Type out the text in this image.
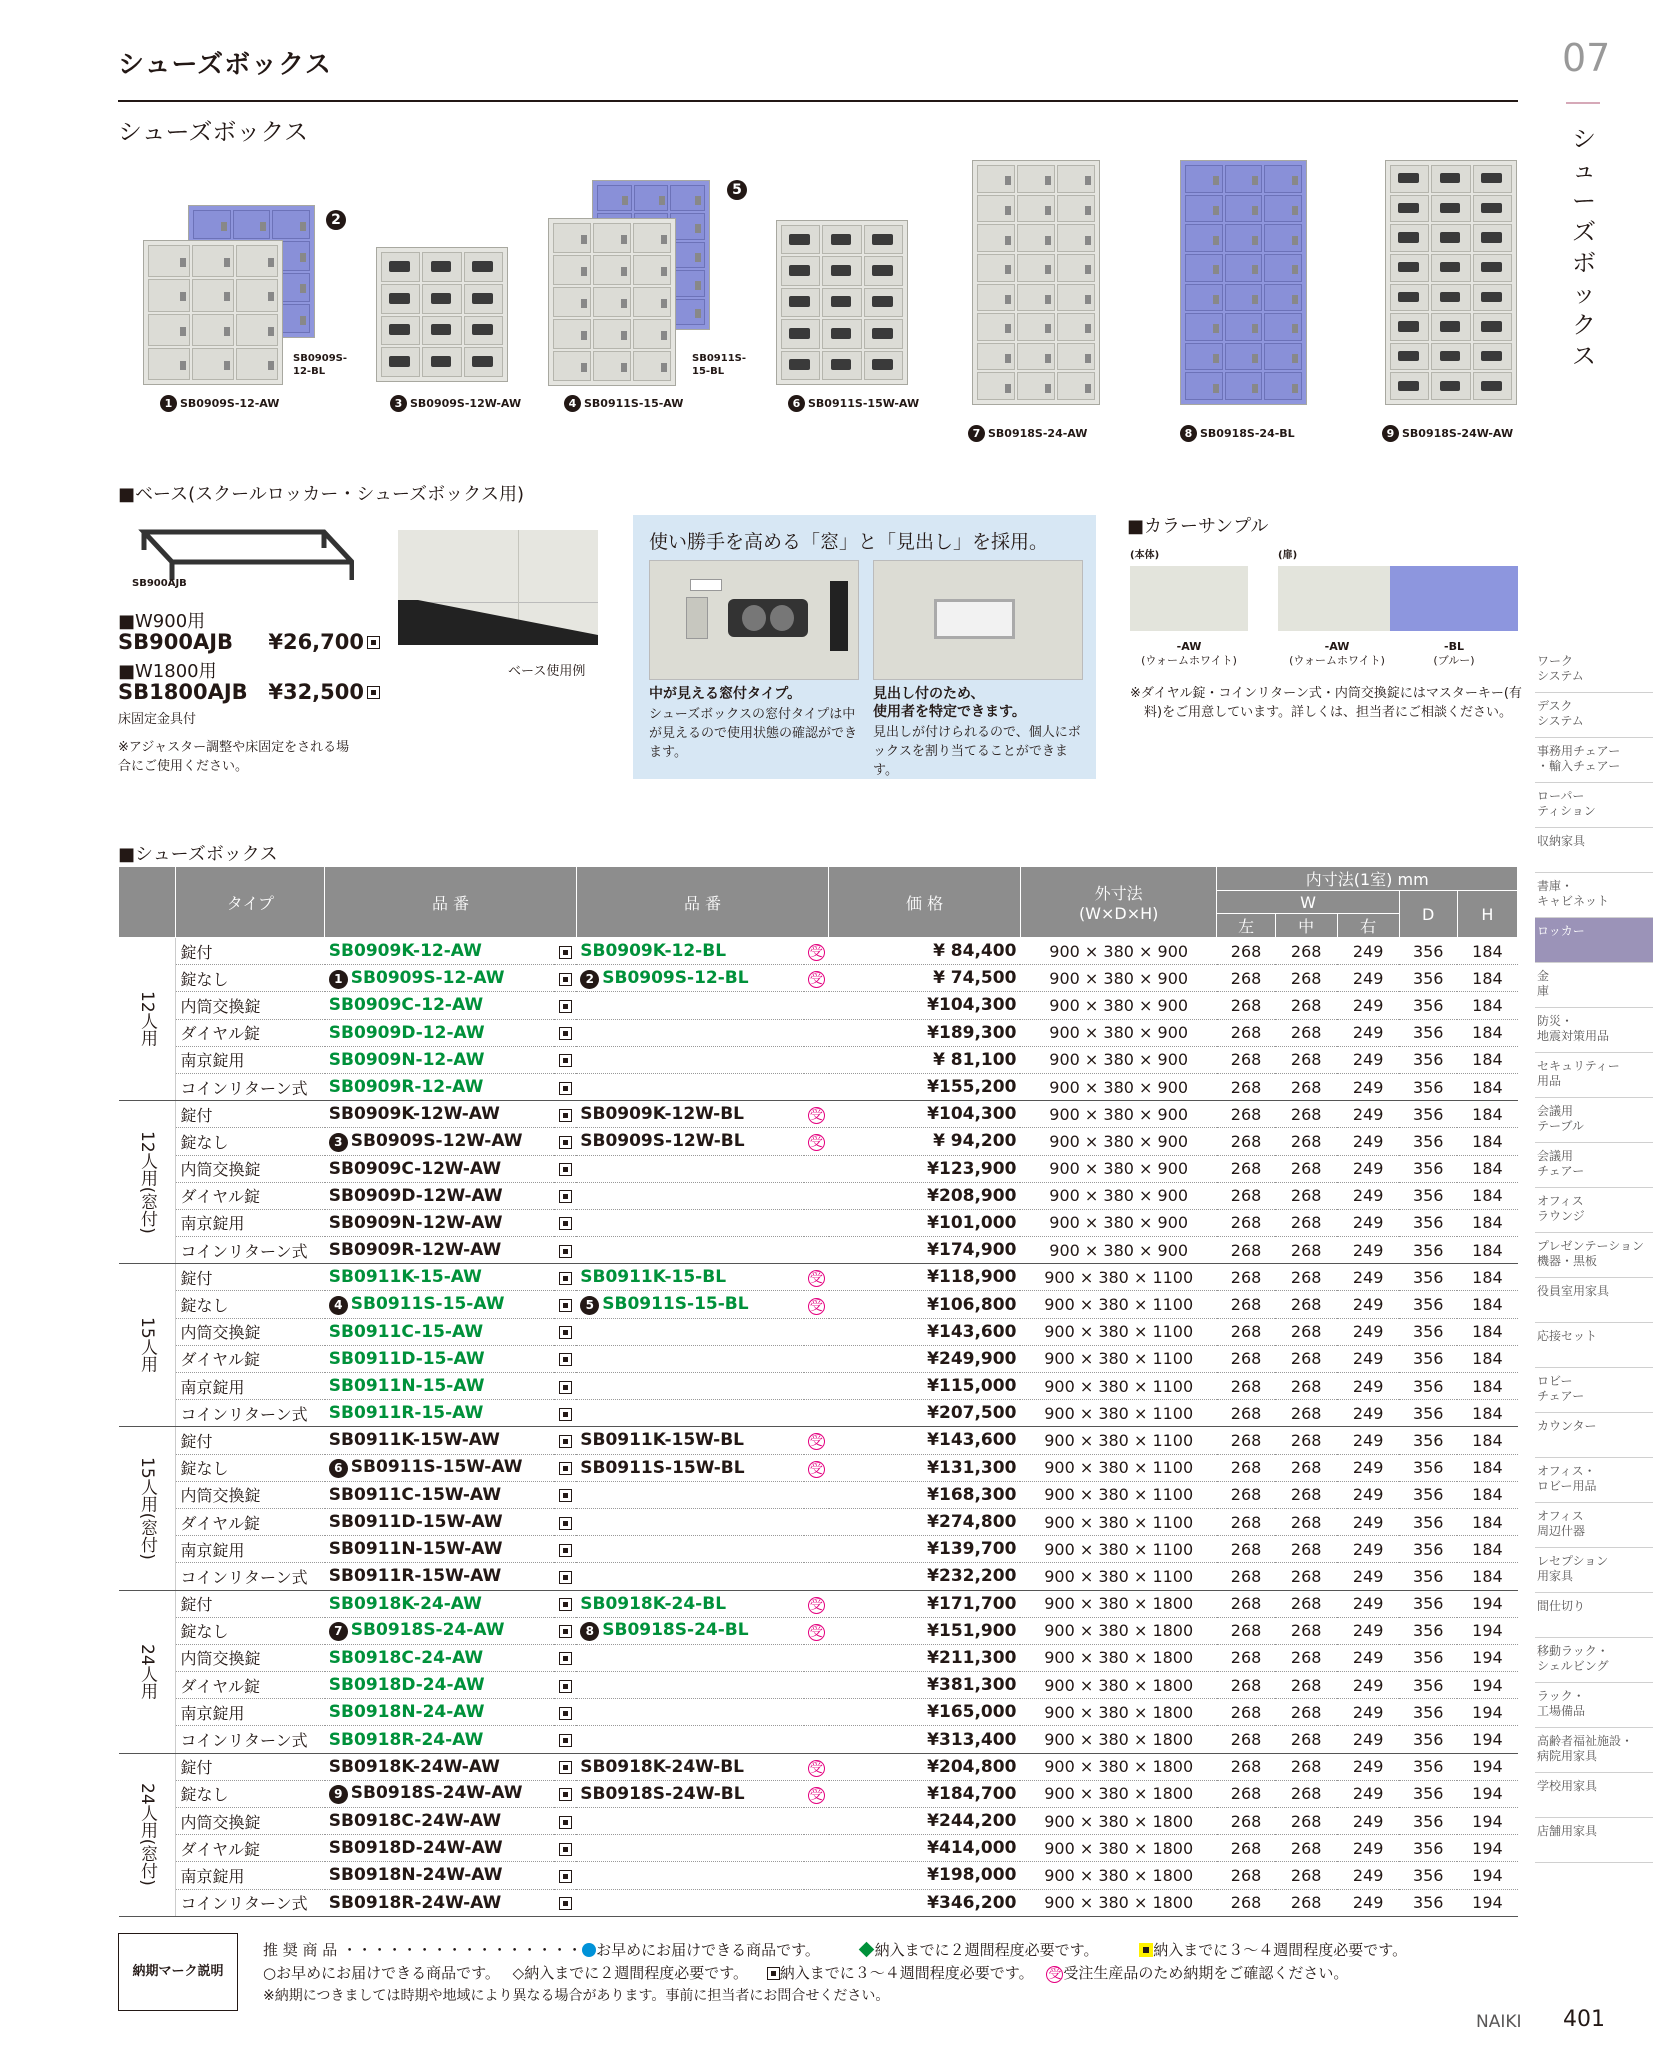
シューズボックス	07
シ
ュ
ー
ズ
ボ
ッ
ク
ス
シューズボックス
2
5
SB0909S-12-BL
SB0911S-15-BL
1 SB0909S-12-AW	3 SB0909S-12W-AW	4 SB0911S-15-AW	6 SB0911S-15W-AW
7 SB0918S-24-AW	8 SB0918S-24-BL	9 SB0918S-24W-AW
■ベース(スクールロッカー・シューズボックス用)
SB900AJB
■W900用
SB900AJB ¥26,700
■W1800用
SB1800AJB ¥32,500
床固定金具付
※アジャスター調整や床固定をされる場合にご使用ください。
ベース使用例
使い勝手を高める「窓」と「見出し」を採用。
中が見える窓付タイプ。
シューズボックスの窓付タイプは中が見えるので使用状態の確認ができます。
見出し付のため、
使用者を特定できます。
見出しが付けられるので、個人にボックスを割り当てることができます。
■カラーサンプル
(本体)	(扉)
-AW
(ウォームホワイト)
-AW
(ウォームホワイト)
-BL
(ブルー)
※ダイヤル錠・コインリターン式・内筒交換錠にはマスターキー(有料)をご用意しています。詳しくは、担当者にご相談ください。
■シューズボックス
	タイプ	品 番		品 番		価 格	外寸法
(W×D×H)	内寸法(1室) mm				
								W			D	H
								左	中	右		
12人用	錠付	SB0909K-12-AW		SB0909K-12-BL	受	¥ 84,400	900 × 380 × 900	268	268	249	356	184
	錠なし	1 SB0909S-12-AW		2 SB0909S-12-BL	受	¥ 74,500	900 × 380 × 900	268	268	249	356	184
	内筒交換錠	SB0909C-12-AW				¥104,300	900 × 380 × 900	268	268	249	356	184
	ダイヤル錠	SB0909D-12-AW				¥189,300	900 × 380 × 900	268	268	249	356	184
	南京錠用	SB0909N-12-AW				¥ 81,100	900 × 380 × 900	268	268	249	356	184
	コインリターン式	SB0909R-12-AW				¥155,200	900 × 380 × 900	268	268	249	356	184
12人用(窓付)	錠付	SB0909K-12W-AW		SB0909K-12W-BL	受	¥104,300	900 × 380 × 900	268	268	249	356	184
	錠なし	3 SB0909S-12W-AW		SB0909S-12W-BL	受	¥ 94,200	900 × 380 × 900	268	268	249	356	184
	内筒交換錠	SB0909C-12W-AW				¥123,900	900 × 380 × 900	268	268	249	356	184
	ダイヤル錠	SB0909D-12W-AW				¥208,900	900 × 380 × 900	268	268	249	356	184
	南京錠用	SB0909N-12W-AW				¥101,000	900 × 380 × 900	268	268	249	356	184
	コインリターン式	SB0909R-12W-AW				¥174,900	900 × 380 × 900	268	268	249	356	184
15人用	錠付	SB0911K-15-AW		SB0911K-15-BL	受	¥118,900	900 × 380 × 1100	268	268	249	356	184
	錠なし	4 SB0911S-15-AW		5 SB0911S-15-BL	受	¥106,800	900 × 380 × 1100	268	268	249	356	184
	内筒交換錠	SB0911C-15-AW				¥143,600	900 × 380 × 1100	268	268	249	356	184
	ダイヤル錠	SB0911D-15-AW				¥249,900	900 × 380 × 1100	268	268	249	356	184
	南京錠用	SB0911N-15-AW				¥115,000	900 × 380 × 1100	268	268	249	356	184
	コインリターン式	SB0911R-15-AW				¥207,500	900 × 380 × 1100	268	268	249	356	184
15人用(窓付)	錠付	SB0911K-15W-AW		SB0911K-15W-BL	受	¥143,600	900 × 380 × 1100	268	268	249	356	184
	錠なし	6 SB0911S-15W-AW		SB0911S-15W-BL	受	¥131,300	900 × 380 × 1100	268	268	249	356	184
	内筒交換錠	SB0911C-15W-AW				¥168,300	900 × 380 × 1100	268	268	249	356	184
	ダイヤル錠	SB0911D-15W-AW				¥274,800	900 × 380 × 1100	268	268	249	356	184
	南京錠用	SB0911N-15W-AW				¥139,700	900 × 380 × 1100	268	268	249	356	184
	コインリターン式	SB0911R-15W-AW				¥232,200	900 × 380 × 1100	268	268	249	356	184
24人用	錠付	SB0918K-24-AW		SB0918K-24-BL	受	¥171,700	900 × 380 × 1800	268	268	249	356	194
	錠なし	7 SB0918S-24-AW		8 SB0918S-24-BL	受	¥151,900	900 × 380 × 1800	268	268	249	356	194
	内筒交換錠	SB0918C-24-AW				¥211,300	900 × 380 × 1800	268	268	249	356	194
	ダイヤル錠	SB0918D-24-AW				¥381,300	900 × 380 × 1800	268	268	249	356	194
	南京錠用	SB0918N-24-AW				¥165,000	900 × 380 × 1800	268	268	249	356	194
	コインリターン式	SB0918R-24-AW				¥313,400	900 × 380 × 1800	268	268	249	356	194
24人用(窓付)	錠付	SB0918K-24W-AW		SB0918K-24W-BL	受	¥204,800	900 × 380 × 1800	268	268	249	356	194
	錠なし	9 SB0918S-24W-AW		SB0918S-24W-BL	受	¥184,700	900 × 380 × 1800	268	268	249	356	194
	内筒交換錠	SB0918C-24W-AW				¥244,200	900 × 380 × 1800	268	268	249	356	194
	ダイヤル錠	SB0918D-24W-AW				¥414,000	900 × 380 × 1800	268	268	249	356	194
	南京錠用	SB0918N-24W-AW				¥198,000	900 × 380 × 1800	268	268	249	356	194
	コインリターン式	SB0918R-24W-AW				¥346,200	900 × 380 × 1800	268	268	249	356	194
ワーク
システム
デスク
システム
事務用チェアー
・輸入チェアー
ローパー
ティション
収納家具
書庫・
キャビネット
ロッカー
金
庫
防災・
地震対策用品
セキュリティー
用品
会議用
テーブル
会議用
チェアー
オフィス
ラウンジ
プレゼンテーション
機器・黒板
役員室用家具
応接セット
ロビー
チェアー
カウンター
オフィス・
ロビー用品
オフィス
周辺什器
レセプション
用家具
間仕切り
移動ラック・
シェルビング
ラック・
工場備品
高齢者福祉施設・
病院用家具
学校用家具
店舗用家具
納期マーク説明
推 奨 商 品 ・・・・・・・・・・・・・・・・ お早めにお届けできる商品です。	納入までに２週間程度必要です。	納入までに３～４週間程度必要です。
○お早めにお届けできる商品です。 ◇納入までに２週間程度必要です。 納入までに３～４週間程度必要です。 受 受注生産品のため納期をご確認ください。
※納期につきましては時期や地域により異なる場合があります。事前に担当者にお問合せください。
NAIKI 401
